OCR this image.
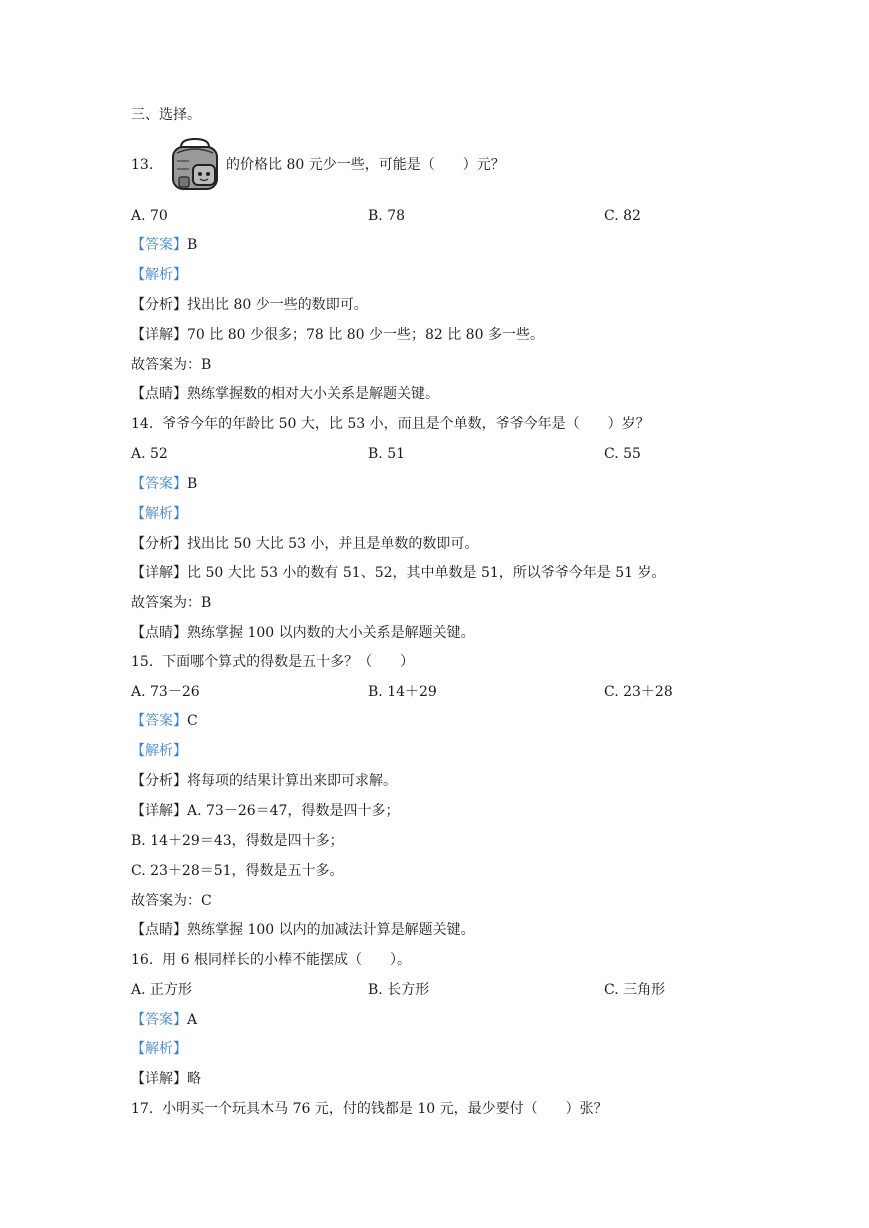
三、选择。
13.	的价格比 80 元少一些，可能是（　　）元？
A. 70	B. 78	C. 82
【答案】B
【解析】
【分析】找出比 80 少一些的数即可。
【详解】70 比 80 少很多；78 比 80 少一些；82 比 80 多一些。
故答案为：B
【点睛】熟练掌握数的相对大小关系是解题关键。
14. 爷爷今年的年龄比 50 大，比 53 小，而且是个单数，爷爷今年是（　　）岁？
A. 52	B. 51	C. 55
【答案】B
【解析】
【分析】找出比 50 大比 53 小，并且是单数的数即可。
【详解】比 50 大比 53 小的数有 51、52，其中单数是 51，所以爷爷今年是 51 岁。
故答案为：B
【点睛】熟练掌握 100 以内数的大小关系是解题关键。
15. 下面哪个算式的得数是五十多？（　　）
A. 73－26	B. 14＋29	C. 23＋28
【答案】C
【解析】
【分析】将每项的结果计算出来即可求解。
【详解】A. 73－26＝47，得数是四十多；
B. 14＋29＝43，得数是四十多；
C. 23＋28＝51，得数是五十多。
故答案为：C
【点睛】熟练掌握 100 以内的加减法计算是解题关键。
16. 用 6 根同样长的小棒不能摆成（　　）。
A. 正方形	B. 长方形	C. 三角形
【答案】A
【解析】
【详解】略
17. 小明买一个玩具木马 76 元，付的钱都是 10 元，最少要付（　　）张？
